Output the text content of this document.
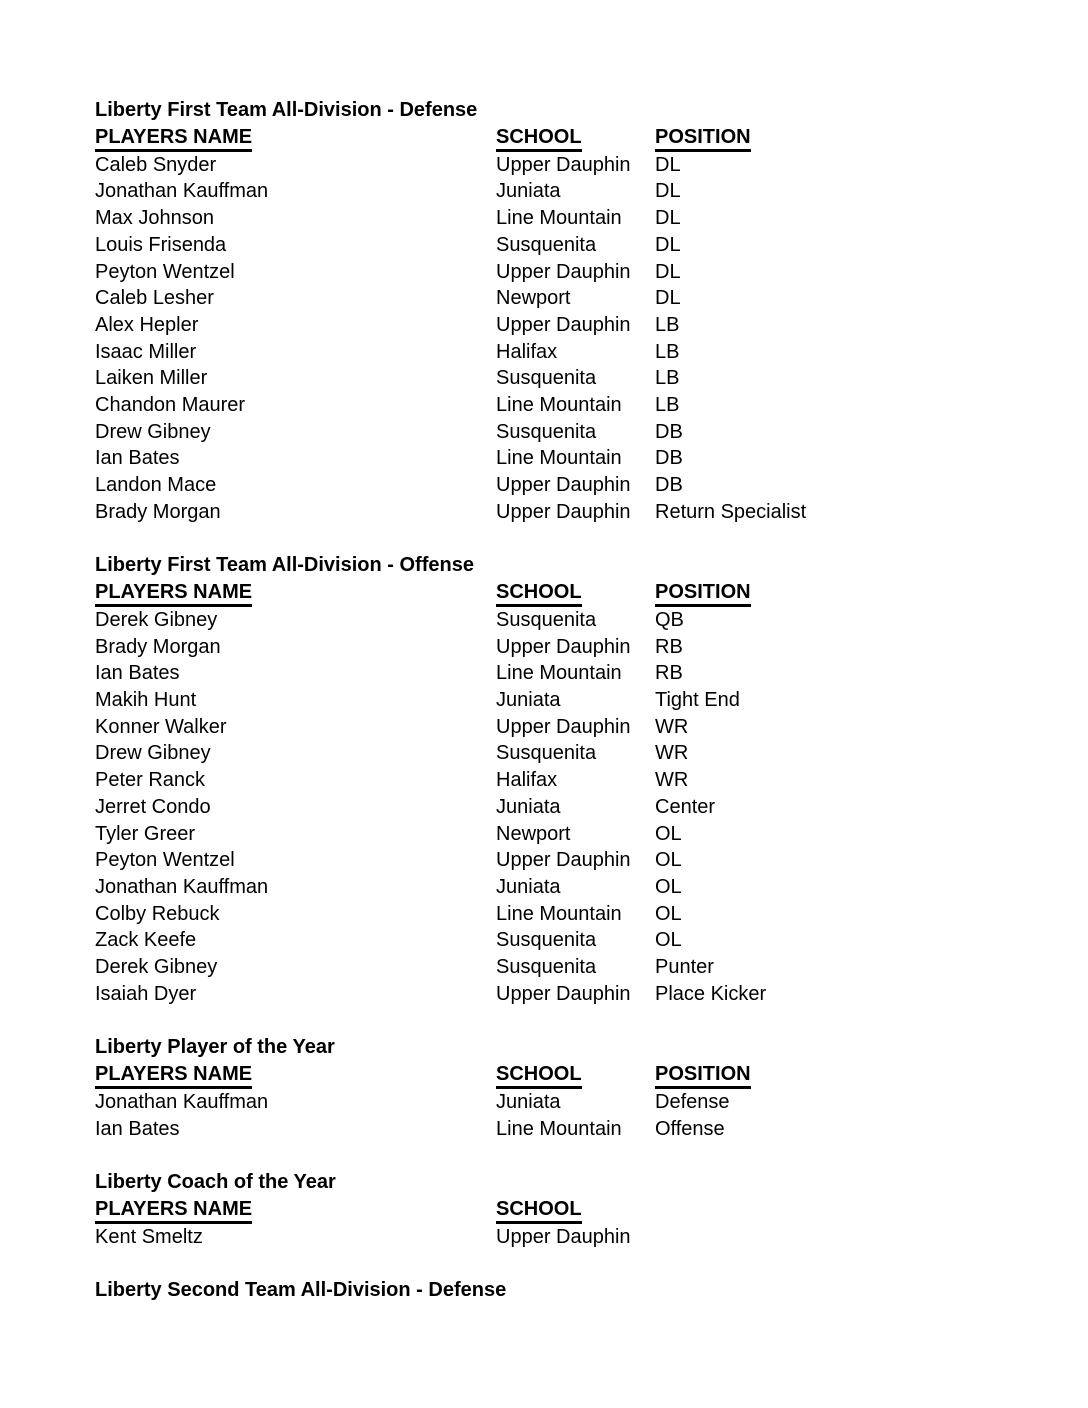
Liberty First Team All-Division - Defense
PLAYERS NAME	SCHOOL	POSITION
Caleb Snyder	Upper Dauphin	DL
Jonathan Kauffman	Juniata	DL
Max Johnson	Line Mountain	DL
Louis Frisenda	Susquenita	DL
Peyton Wentzel	Upper Dauphin	DL
Caleb Lesher	Newport	DL
Alex Hepler	Upper Dauphin	LB
Isaac Miller	Halifax	LB
Laiken Miller	Susquenita	LB
Chandon Maurer	Line Mountain	LB
Drew Gibney	Susquenita	DB
Ian Bates	Line Mountain	DB
Landon Mace	Upper Dauphin	DB
Brady Morgan	Upper Dauphin	Return Specialist
Liberty First Team All-Division - Offense
PLAYERS NAME	SCHOOL	POSITION
Derek Gibney	Susquenita	QB
Brady Morgan	Upper Dauphin	RB
Ian Bates	Line Mountain	RB
Makih Hunt	Juniata	Tight End
Konner Walker	Upper Dauphin	WR
Drew Gibney	Susquenita	WR
Peter Ranck	Halifax	WR
Jerret Condo	Juniata	Center
Tyler Greer	Newport	OL
Peyton Wentzel	Upper Dauphin	OL
Jonathan Kauffman	Juniata	OL
Colby Rebuck	Line Mountain	OL
Zack Keefe	Susquenita	OL
Derek Gibney	Susquenita	Punter
Isaiah Dyer	Upper Dauphin	Place Kicker
Liberty Player of the Year
PLAYERS NAME	SCHOOL	POSITION
Jonathan Kauffman	Juniata	Defense
Ian Bates	Line Mountain	Offense
Liberty Coach of the Year
PLAYERS NAME	SCHOOL
Kent Smeltz	Upper Dauphin
Liberty Second Team All-Division - Defense
